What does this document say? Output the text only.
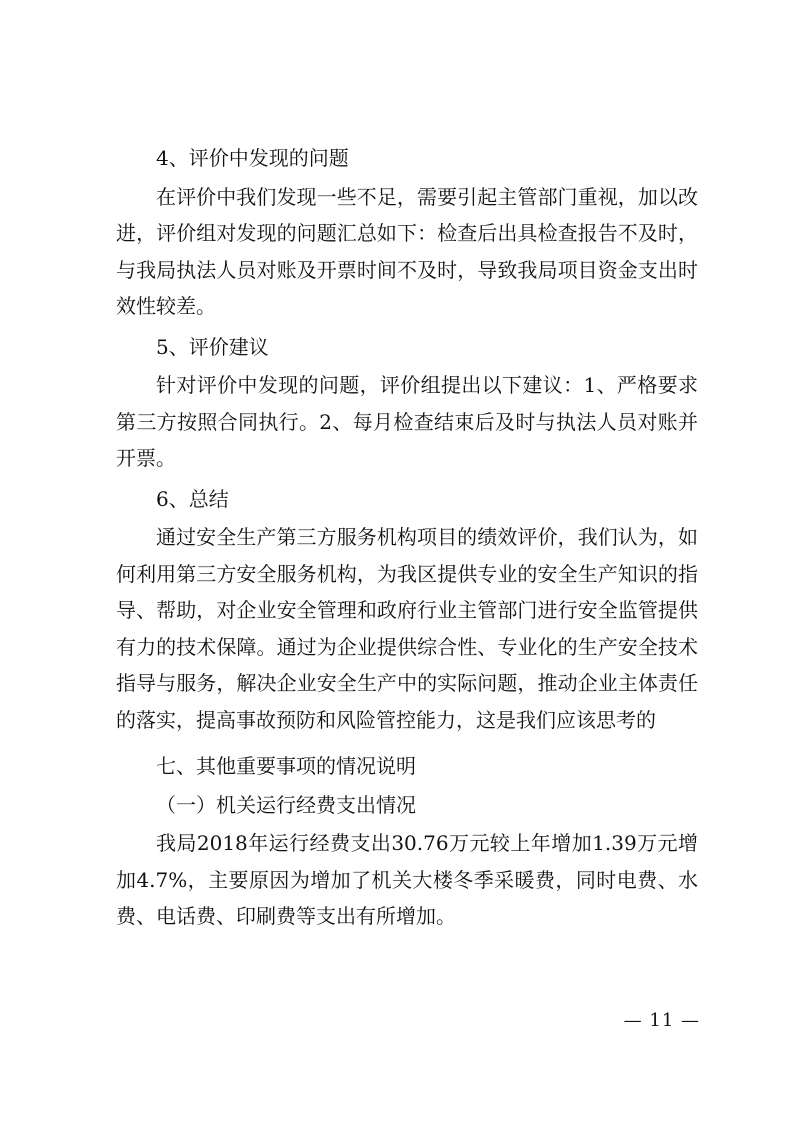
4、评价中发现的问题

在评价中我们发现一些不足，需要引起主管部门重视，加以改进，评价组对发现的问题汇总如下：检查后出具检查报告不及时，与我局执法人员对账及开票时间不及时，导致我局项目资金支出时效性较差。

5、评价建议

针对评价中发现的问题，评价组提出以下建议：1、严格要求第三方按照合同执行。2、每月检查结束后及时与执法人员对账并开票。

6、总结

通过安全生产第三方服务机构项目的绩效评价，我们认为，如何利用第三方安全服务机构，为我区提供专业的安全生产知识的指导、帮助，对企业安全管理和政府行业主管部门进行安全监管提供有力的技术保障。通过为企业提供综合性、专业化的生产安全技术指导与服务，解决企业安全生产中的实际问题，推动企业主体责任的落实，提高事故预防和风险管控能力，这是我们应该思考的

七、其他重要事项的情况说明

（一）机关运行经费支出情况

我局2018年运行经费支出30.76万元较上年增加1.39万元增加4.7%，主要原因为增加了机关大楼冬季采暖费，同时电费、水费、电话费、印刷费等支出有所增加。

— 11 —
